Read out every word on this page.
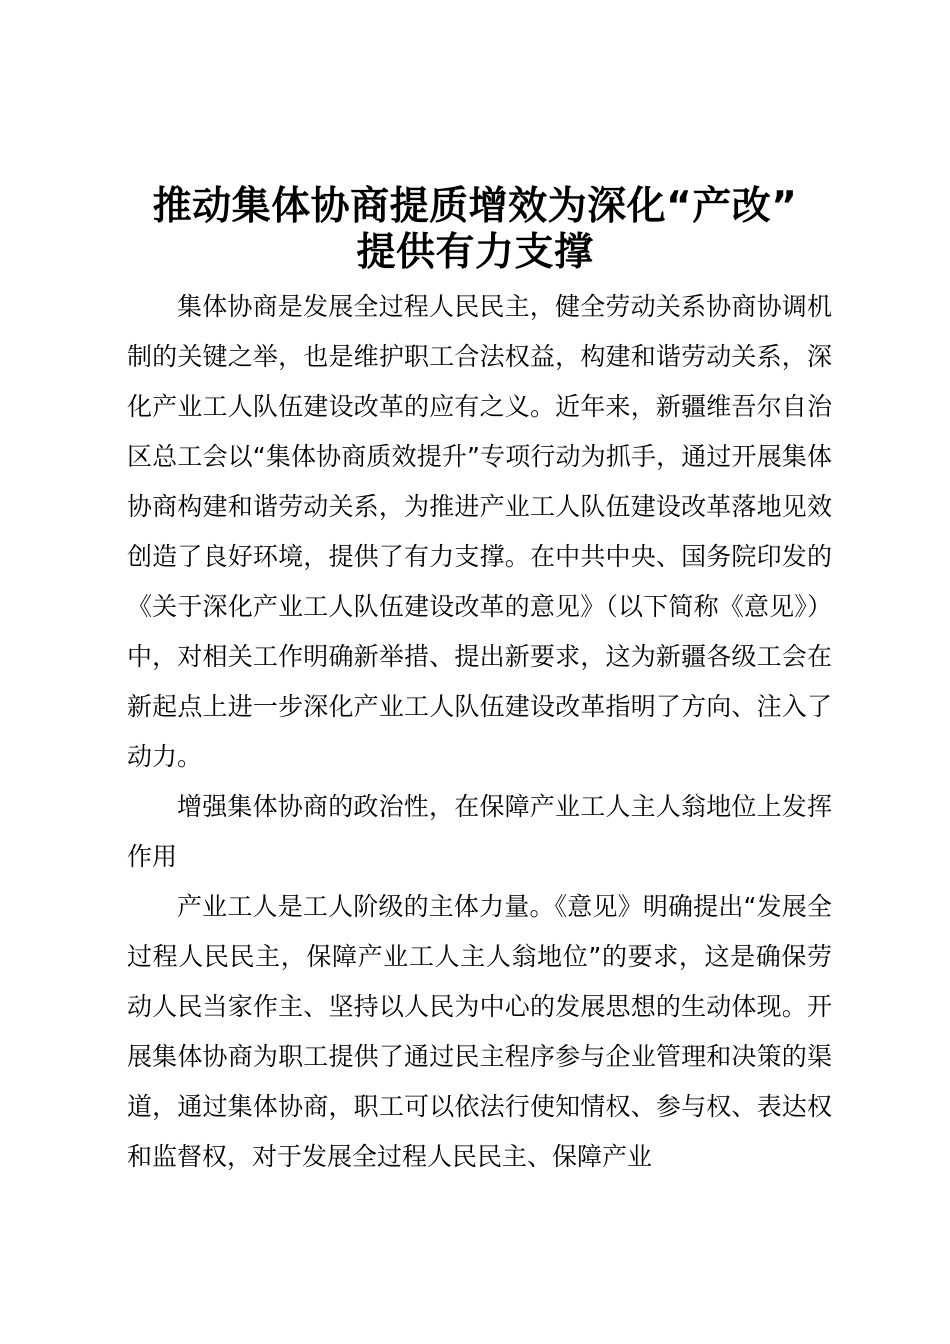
推动集体协商提质增效为深化“产改”
提供有力支撑

集体协商是发展全过程人民民主，健全劳动关系协商协调机制的关键之举，也是维护职工合法权益，构建和谐劳动关系，深化产业工人队伍建设改革的应有之义。近年来，新疆维吾尔自治区总工会以“集体协商质效提升”专项行动为抓手，通过开展集体协商构建和谐劳动关系，为推进产业工人队伍建设改革落地见效创造了良好环境，提供了有力支撑。在中共中央、国务院印发的《关于深化产业工人队伍建设改革的意见》（以下简称《意见》）中，对相关工作明确新举措、提出新要求，这为新疆各级工会在新起点上进一步深化产业工人队伍建设改革指明了方向、注入了动力。

增强集体协商的政治性，在保障产业工人主人翁地位上发挥作用

产业工人是工人阶级的主体力量。《意见》明确提出“发展全过程人民民主，保障产业工人主人翁地位”的要求，这是确保劳动人民当家作主、坚持以人民为中心的发展思想的生动体现。开展集体协商为职工提供了通过民主程序参与企业管理和决策的渠道，通过集体协商，职工可以依法行使知情权、参与权、表达权和监督权，对于发展全过程人民民主、保障产业
